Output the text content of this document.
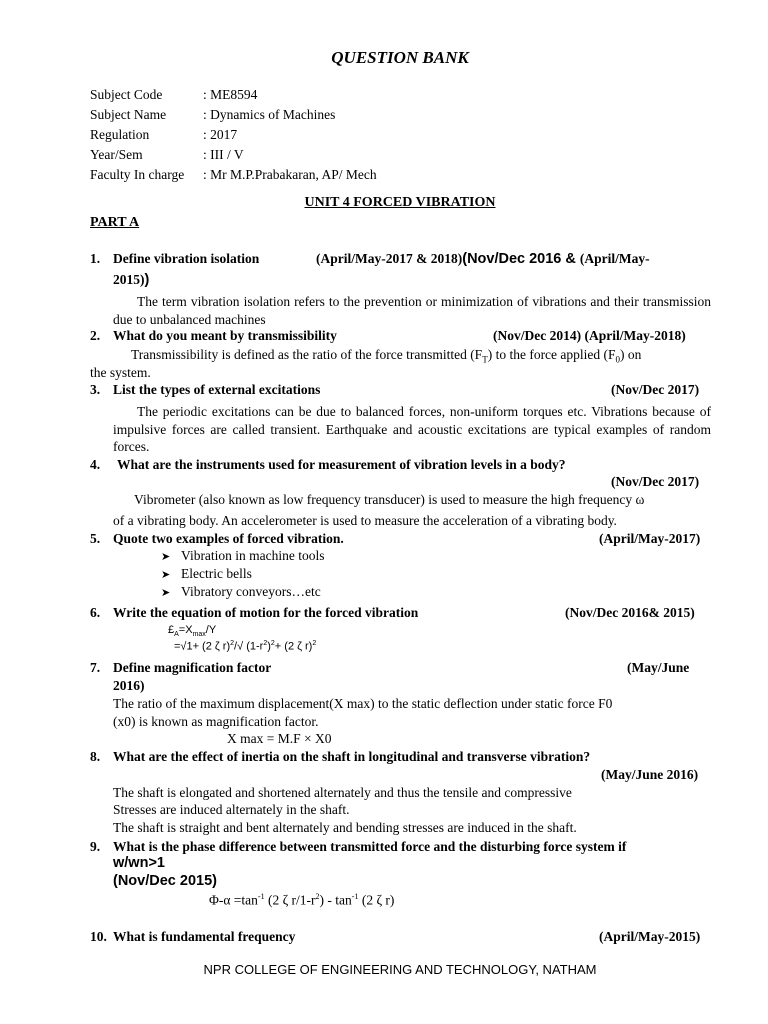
QUESTION BANK
Subject Code	: ME8594
Subject Name	: Dynamics of Machines
Regulation	: 2017
Year/Sem	: III / V
Faculty In charge : Mr M.P.Prabakaran, AP/ Mech
UNIT 4 FORCED VIBRATION
PART A
1. Define vibration isolation	(April/May-2017 & 2018)(Nov/Dec 2016 & (April/May-
2015))
The term vibration isolation refers to the prevention or minimization of vibrations and their transmission due to unbalanced machines
2. What do you meant by transmissibility	(Nov/Dec 2014) (April/May-2018)
Transmissibility is defined as the ratio of the force transmitted $(F_T)$ to the force applied $(F_0)$ on
the system.
3. List the types of external excitations	(Nov/Dec 2017)
The periodic excitations can be due to balanced forces, non-uniform torques etc. Vibrations because of impulsive forces are called transient. Earthquake and acoustic excitations are typical examples of random forces.
4. What are the instruments used for measurement of vibration levels in a body?
(Nov/Dec 2017)
Vibrometer (also known as low frequency transducer) is used to measure the high frequency ω
of a vibrating body. An accelerometer is used to measure the acceleration of a vibrating body.
5. Quote two examples of forced vibration.	(April/May-2017)
➤ Vibration in machine tools
➤ Electric bells
➤ Vibratory conveyors…etc
6. Write the equation of motion for the forced vibration	(Nov/Dec 2016& 2015)
$£_A=X_{max}/Y$
=√1+ (2 ζ r)$^2$/√ $(1-r^2)^2+ (2$ ζ r)$^2$
7. Define magnification factor	(May/June
2016)
The ratio of the maximum displacement(X max) to the static deflection under static force F0
(x0) is known as magnification factor.
X max = M.F × X0
8. What are the effect of inertia on the shaft in longitudinal and transverse vibration?
(May/June 2016)
The shaft is elongated and shortened alternately and thus the tensile and compressive
Stresses are induced alternately in the shaft.
The shaft is straight and bent alternately and bending stresses are induced in the shaft.
9. What is the phase difference between transmitted force and the disturbing force system if
w/wn>1
(Nov/Dec 2015)
$\Phi-\alpha =\tan^{-1}$ (2 ζ $r/1-r^2) - \tan^{-1} (2$ ζ r)
10. What is fundamental frequency	(April/May-2015)
NPR COLLEGE OF ENGINEERING AND TECHNOLOGY, NATHAM
